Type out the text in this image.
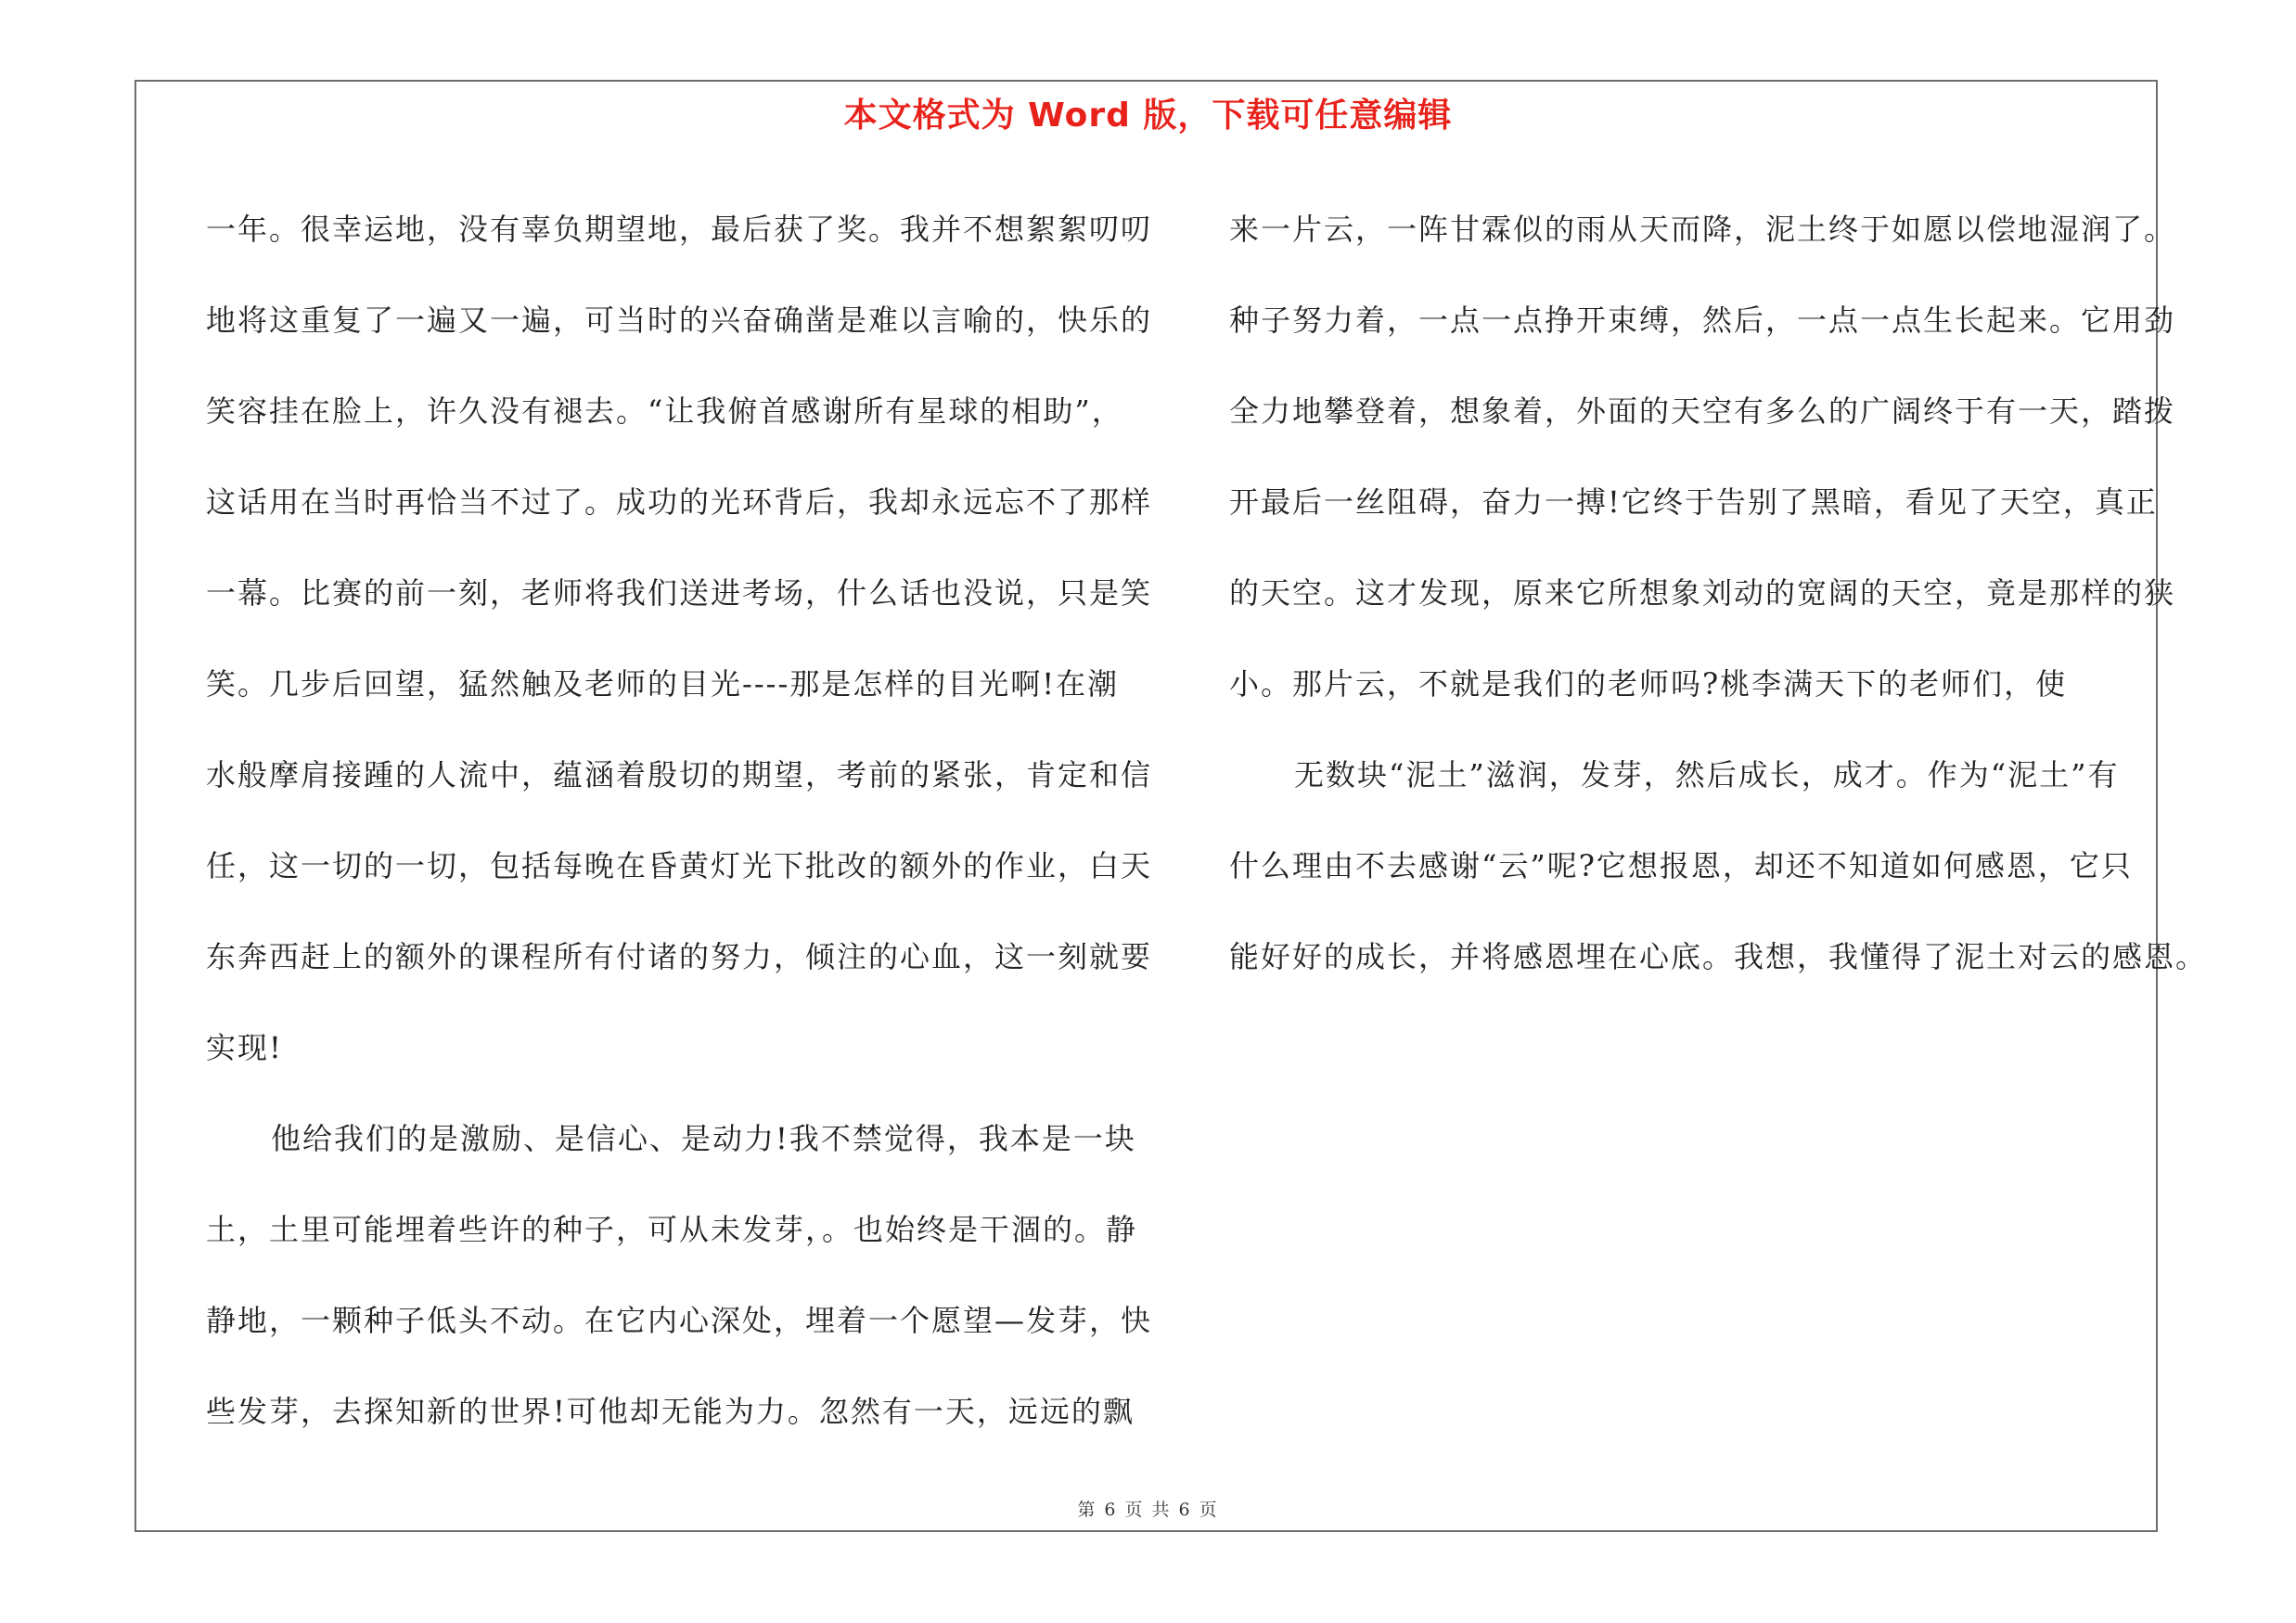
本文格式为 Word 版，下载可任意编辑
一年。很幸运地，没有辜负期望地，最后获了奖。我并不想絮絮叨叨
地将这重复了一遍又一遍，可当时的兴奋确凿是难以言喻的，快乐的
笑容挂在脸上，许久没有褪去。“让我俯首感谢所有星球的相助”，
这话用在当时再恰当不过了。成功的光环背后，我却永远忘不了那样
一幕。比赛的前一刻，老师将我们送进考场，什么话也没说，只是笑
笑。几步后回望，猛然触及老师的目光----那是怎样的目光啊!在潮
水般摩肩接踵的人流中，蕴涵着殷切的期望，考前的紧张，肯定和信
任，这一切的一切，包括每晚在昏黄灯光下批改的额外的作业，白天
东奔西赶上的额外的课程所有付诸的努力，倾注的心血，这一刻就要
实现!
他给我们的是激励、是信心、是动力!我不禁觉得，我本是一块
土，土里可能埋着些许的种子，可从未发芽，。也始终是干涸的。静
静地，一颗种子低头不动。在它内心深处，埋着一个愿望—发芽，快
些发芽，去探知新的世界!可他却无能为力。忽然有一天，远远的飘
来一片云，一阵甘霖似的雨从天而降，泥土终于如愿以偿地湿润了。
种子努力着，一点一点挣开束缚，然后，一点一点生长起来。它用劲
全力地攀登着，想象着，外面的天空有多么的广阔终于有一天，踏拨
开最后一丝阻碍，奋力一搏!它终于告别了黑暗，看见了天空，真正
的天空。这才发现，原来它所想象刘动的宽阔的天空，竟是那样的狭
小。那片云，不就是我们的老师吗?桃李满天下的老师们，使
无数块“泥土”滋润，发芽，然后成长，成才。作为“泥土”有
什么理由不去感谢“云”呢?它想报恩，却还不知道如何感恩，它只
能好好的成长，并将感恩埋在心底。我想，我懂得了泥土对云的感恩。
第 6 页 共 6 页
